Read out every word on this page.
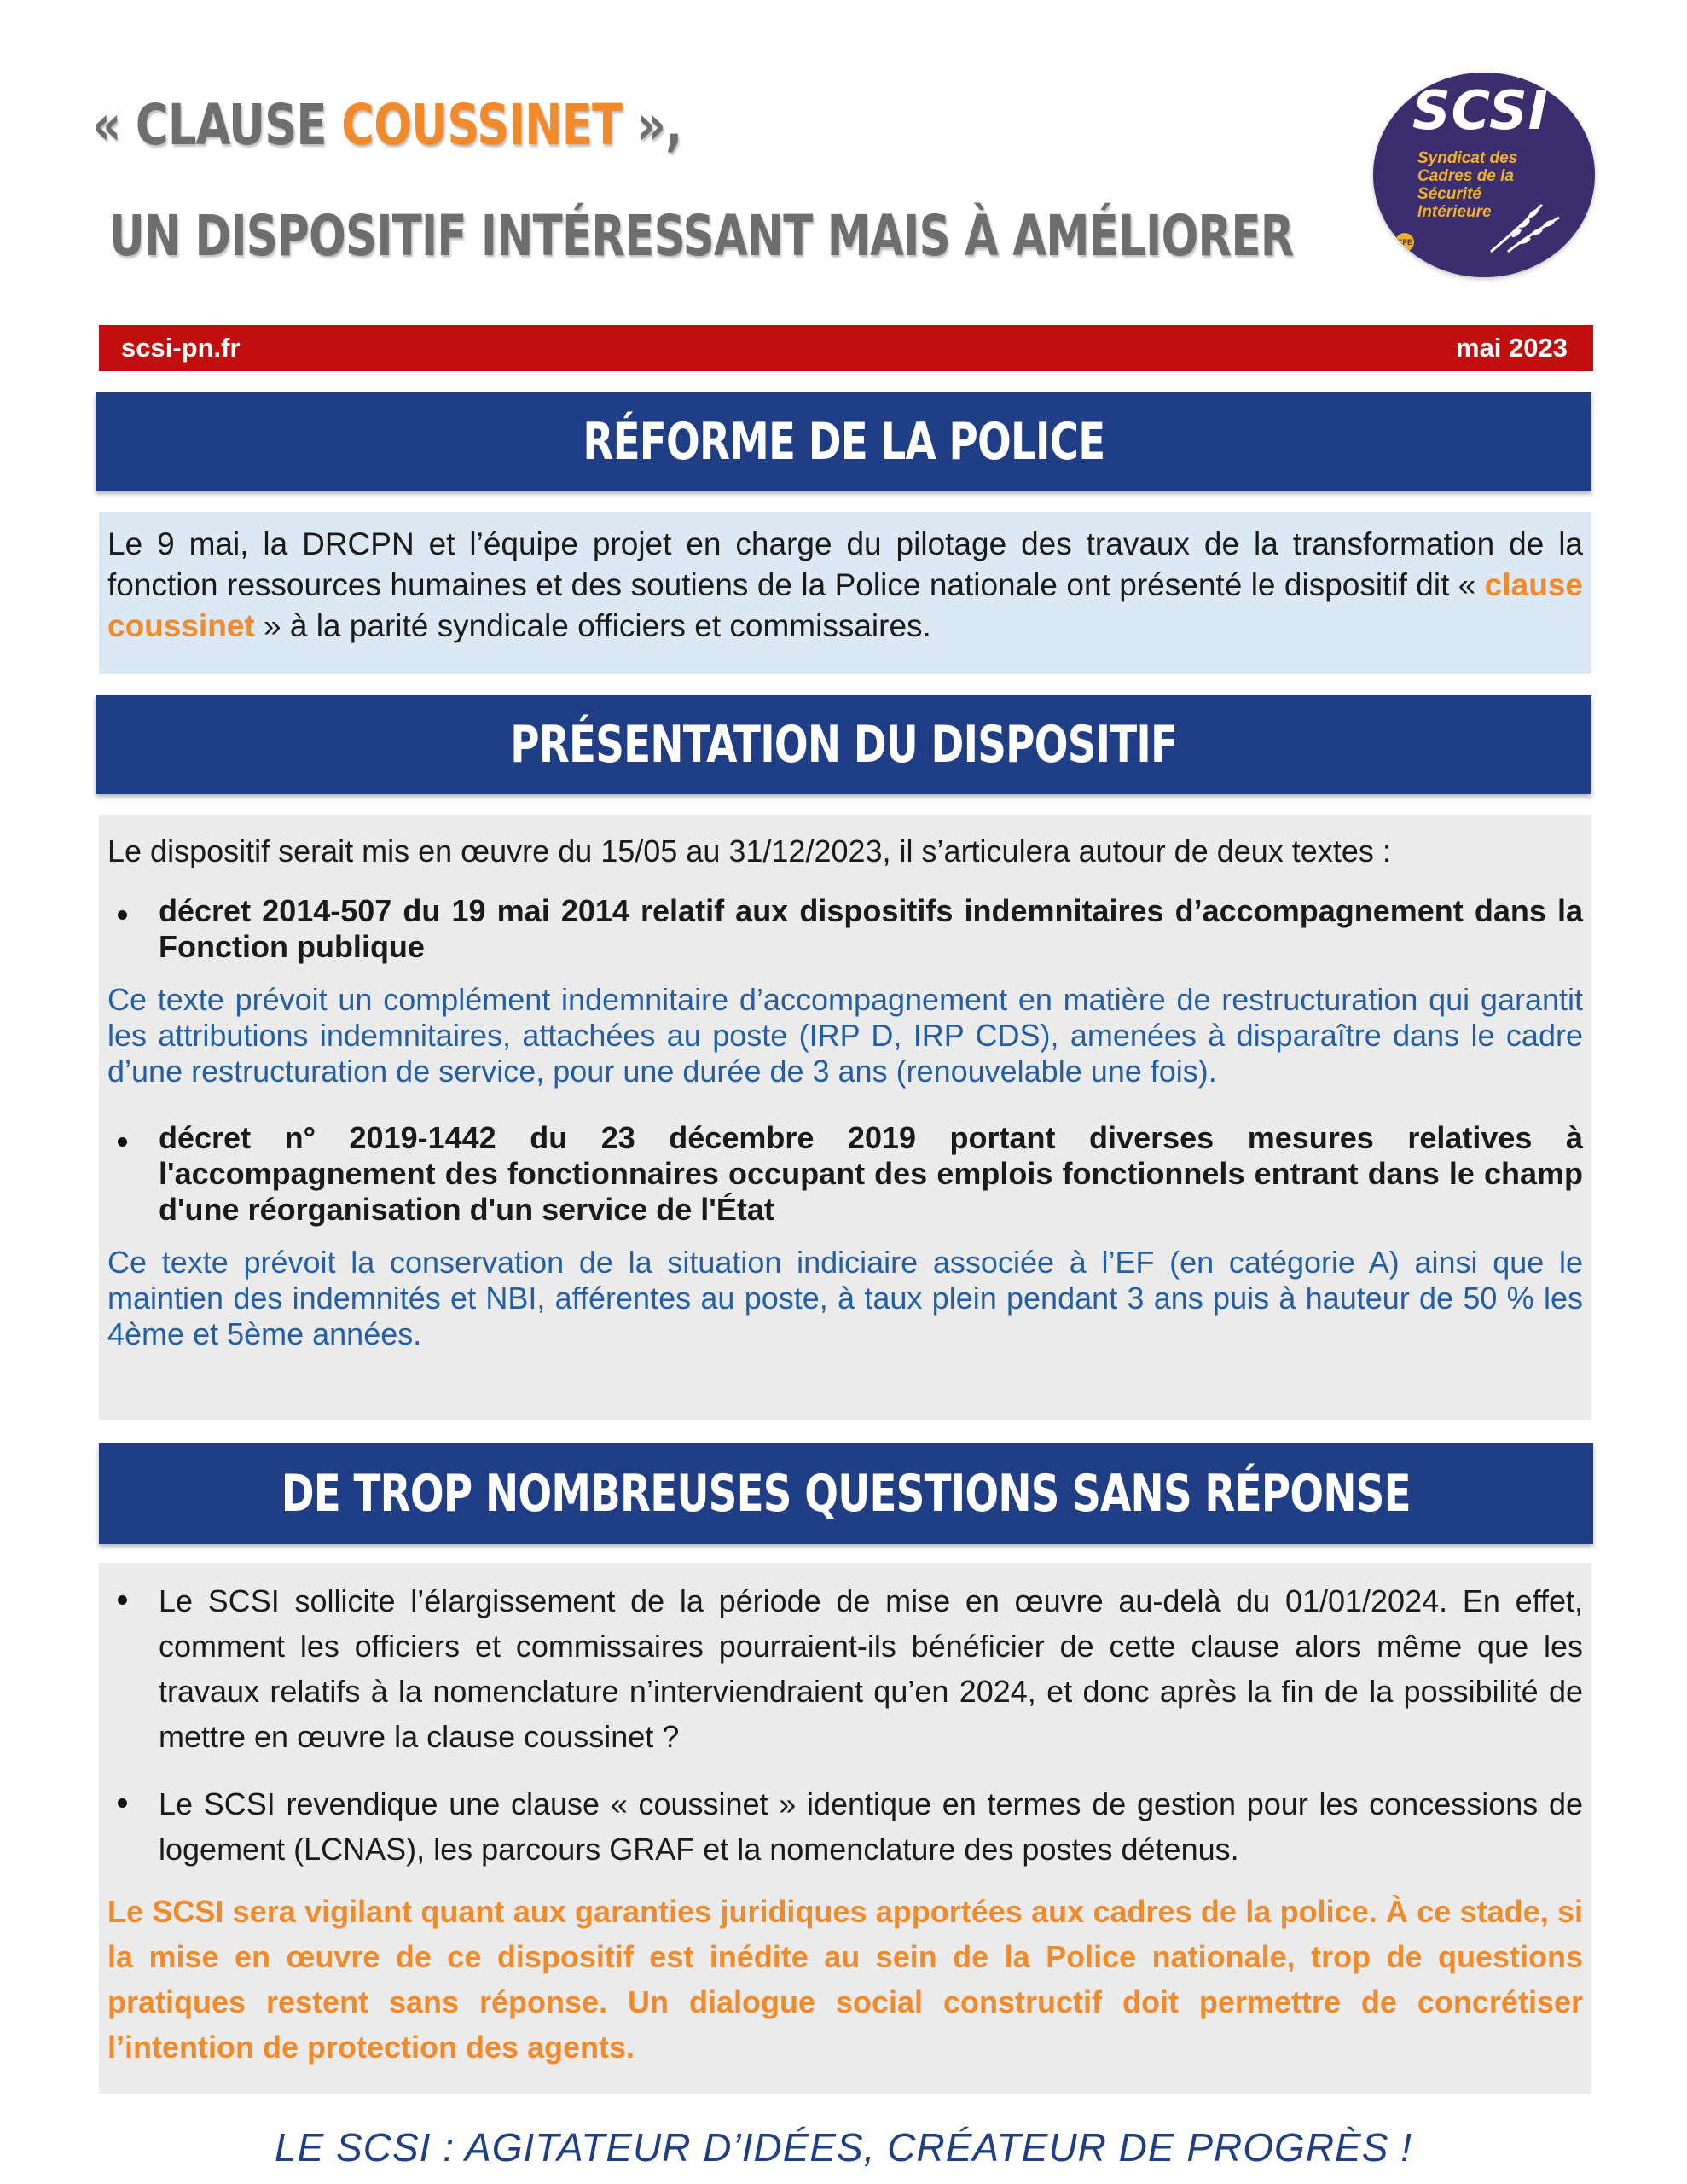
« CLAUSE COUSSINET »,
UN DISPOSITIF INTÉRESSANT MAIS À AMÉLIORER
SCSI
Syndicat des
Cadres de la
Sécurité
Intérieure
CFE
scsi-pn.fr	mai 2023
RÉFORME DE LA POLICE

Le 9 mai, la DRCPN et l’équipe projet en charge du pilotage des travaux de la transformation de la fonction ressources humaines et des soutiens de la Police nationale ont présenté le dispositif dit « clause coussinet » à la parité syndicale officiers et commissaires.

PRÉSENTATION DU DISPOSITIF

Le dispositif serait mis en œuvre du 15/05 au 31/12/2023, il s’articulera autour de deux textes :

décret 2014-507 du 19 mai 2014 relatif aux dispositifs indemnitaires d’accompagnement dans la Fonction publique

Ce texte prévoit un complément indemnitaire d’accompagnement en matière de restructuration qui garantit les attributions indemnitaires, attachées au poste (IRP D, IRP CDS), amenées à disparaître dans le cadre d’une restructuration de service, pour une durée de 3 ans (renouvelable une fois).

décret n° 2019-1442 du 23 décembre 2019 portant diverses mesures relatives à l'accompagnement des fonctionnaires occupant des emplois fonctionnels entrant dans le champ d'une réorganisation d'un service de l'État

Ce texte prévoit la conservation de la situation indiciaire associée à l’EF (en catégorie A) ainsi que le maintien des indemnités et NBI, afférentes au poste, à taux plein pendant 3 ans puis à hauteur de 50 % les 4ème et 5ème années.

DE TROP NOMBREUSES QUESTIONS SANS RÉPONSE

Le SCSI sollicite l’élargissement de la période de mise en œuvre au-delà du 01/01/2024. En effet, comment les officiers et commissaires pourraient-ils bénéficier de cette clause alors même que les travaux relatifs à la nomenclature n’interviendraient qu’en 2024, et donc après la fin de la possibilité de mettre en œuvre la clause coussinet ?

Le SCSI revendique une clause « coussinet » identique en termes de gestion pour les concessions de logement (LCNAS), les parcours GRAF et la nomenclature des postes détenus.

Le SCSI sera vigilant quant aux garanties juridiques apportées aux cadres de la police. À ce stade, si la mise en œuvre de ce dispositif est inédite au sein de la Police nationale, trop de questions pratiques restent sans réponse. Un dialogue social constructif doit permettre de concrétiser l’intention de protection des agents.

LE SCSI : AGITATEUR D’IDÉES, CRÉATEUR DE PROGRÈS !
